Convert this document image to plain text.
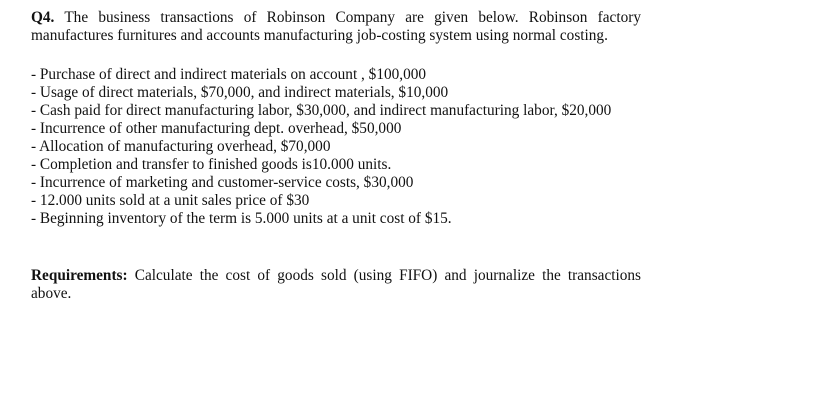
Q4. The business transactions of Robinson Company are given below. Robinson factory manufactures furnitures and accounts manufacturing job-costing system using normal costing.

- Purchase of direct and indirect materials on account , $100,000
- Usage of direct materials, $70,000, and indirect materials, $10,000
- Cash paid for direct manufacturing labor, $30,000, and indirect manufacturing labor, $20,000
- Incurrence of other manufacturing dept. overhead, $50,000
- Allocation of manufacturing overhead, $70,000
- Completion and transfer to finished goods is10.000 units.
- Incurrence of marketing and customer-service costs, $30,000
- 12.000 units sold at a unit sales price of $30
- Beginning inventory of the term is 5.000 units at a unit cost of $15.

Requirements: Calculate the cost of goods sold (using FIFO) and journalize the transactions above.
